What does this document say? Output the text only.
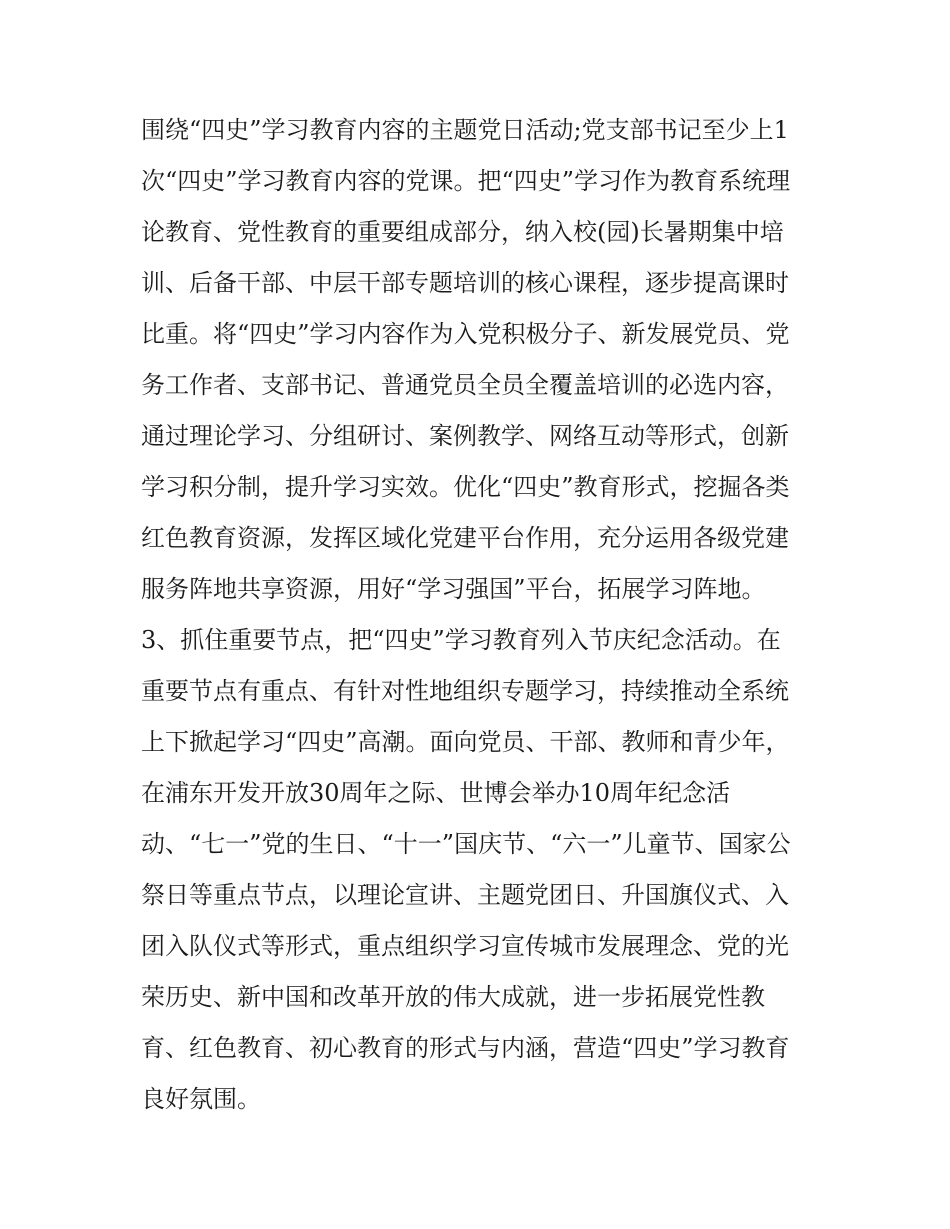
围绕“四史”学习教育内容的主题党日活动;党支部书记至少上1
次“四史”学习教育内容的党课。把“四史”学习作为教育系统理
论教育、党性教育的重要组成部分，纳入校(园)长暑期集中培
训、后备干部、中层干部专题培训的核心课程，逐步提高课时
比重。将“四史”学习内容作为入党积极分子、新发展党员、党
务工作者、支部书记、普通党员全员全覆盖培训的必选内容，
通过理论学习、分组研讨、案例教学、网络互动等形式，创新
学习积分制，提升学习实效。优化“四史”教育形式，挖掘各类
红色教育资源，发挥区域化党建平台作用，充分运用各级党建
服务阵地共享资源，用好“学习强国”平台，拓展学习阵地。
3、抓住重要节点，把“四史”学习教育列入节庆纪念活动。在
重要节点有重点、有针对性地组织专题学习，持续推动全系统
上下掀起学习“四史”高潮。面向党员、干部、教师和青少年，
在浦东开发开放30周年之际、世博会举办10周年纪念活
动、“七一”党的生日、“十一”国庆节、“六一”儿童节、国家公
祭日等重点节点，以理论宣讲、主题党团日、升国旗仪式、入
团入队仪式等形式，重点组织学习宣传城市发展理念、党的光
荣历史、新中国和改革开放的伟大成就，进一步拓展党性教
育、红色教育、初心教育的形式与内涵，营造“四史”学习教育
良好氛围。
